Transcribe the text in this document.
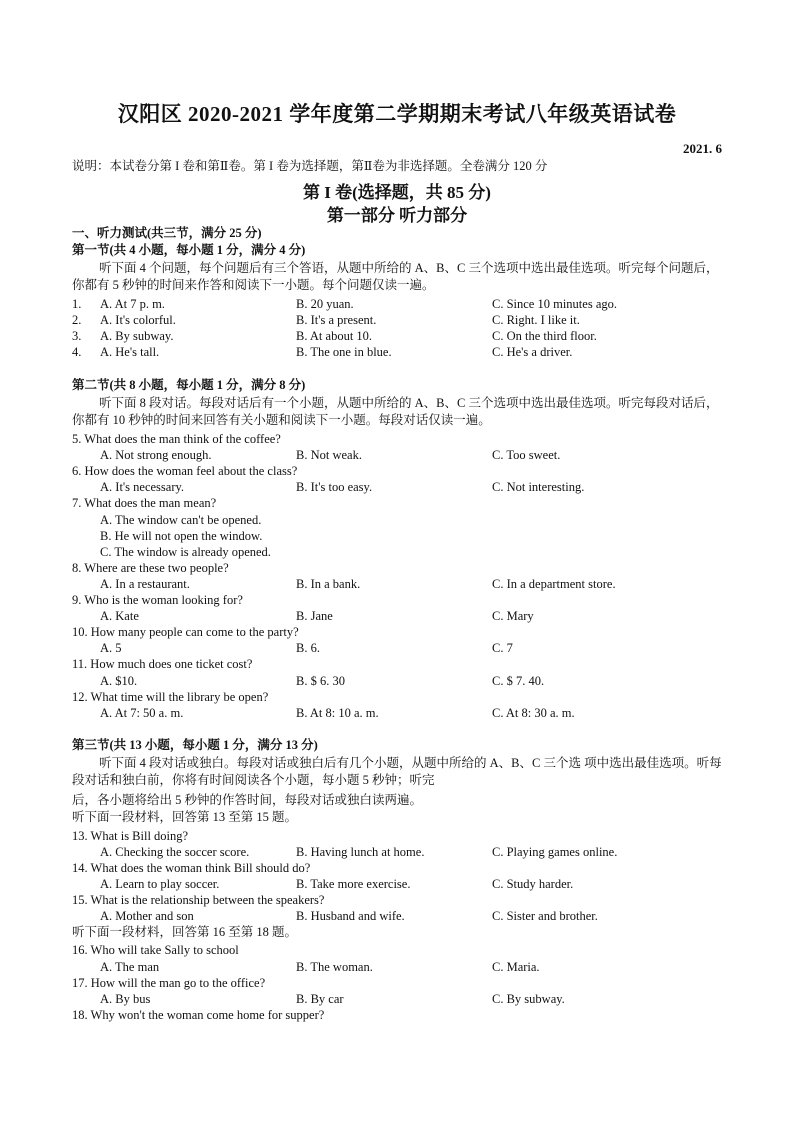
汉阳区 2020-2021 学年度第二学期期末考试八年级英语试卷
2021. 6
说明：本试卷分第 I 卷和第Ⅱ卷。第 I 卷为选择题，第Ⅱ卷为非选择题。全卷满分 120 分
第 I 卷(选择题，共 85 分)
第一部分 听力部分
一、听力测试(共三节，满分 25 分)
第一节(共 4 小题，每小题 1 分，满分 4 分)
听下面 4 个问题，每个问题后有三个答语，从题中所给的 A、B、C 三个选项中选出最佳选项。听完每个问题后，你都有 5 秒钟的时间来作答和阅读下一小题。每个问题仅读一遍。
1. A. At 7 p. m.	B. 20 yuan.	C. Since 10 minutes ago.
2. A. It's colorful.	B. It's a present.	C. Right. I like it.
3. A. By subway.	B. At about 10.	C. On the third floor.
4. A. He's tall.	B. The one in blue.	C. He's a driver.
第二节(共 8 小题，每小题 1 分，满分 8 分)
听下面 8 段对话。每段对话后有一个小题，从题中所给的 A、B、C 三个选项中选出最佳选项。听完每段对话后，你都有 10 秒钟的时间来回答有关小题和阅读下一小题。每段对话仅读一遍。
5. What does the man think of the coffee?
A. Not strong enough.	B. Not weak.	C. Too sweet.
6. How does the woman feel about the class?
A. It's necessary.	B. It's too easy.	C. Not interesting.
7. What does the man mean?
A. The window can't be opened.
B. He will not open the window.
C. The window is already opened.
8. Where are these two people?
A. In a restaurant.	B. In a bank.	C. In a department store.
9. Who is the woman looking for?
A. Kate	B. Jane	C. Mary
10. How many people can come to the party?
A. 5	B. 6.	C. 7
11. How much does one ticket cost?
A. $10.	B. $ 6. 30	C. $ 7. 40.
12. What time will the library be open?
A. At 7: 50 a. m.	B. At 8: 10 a. m.	C. At 8: 30 a. m.
第三节(共 13 小题，每小题 1 分，满分 13 分)
听下面 4 段对话或独白。每段对话或独白后有几个小题，从题中所给的 A、B、C 三个选 项中选出最佳选项。听每段对话和独白前，你将有时间阅读各个小题，每小题 5 秒钟；听完
后，各小题将给出 5 秒钟的作答时间，每段对话或独白读两遍。
听下面一段材料，回答第 13 至第 15 题。
13. What is Bill doing?
A. Checking the soccer score.	B. Having lunch at home.	C. Playing games online.
14. What does the woman think Bill should do?
A. Learn to play soccer.	B. Take more exercise.	C. Study harder.
15. What is the relationship between the speakers?
A. Mother and son	B. Husband and wife.	C. Sister and brother.
听下面一段材料，回答第 16 至第 18 题。
16. Who will take Sally to school
A. The man	B. The woman.	C. Maria.
17. How will the man go to the office?
A. By bus	B. By car	C. By subway.
18. Why won't the woman come home for supper?
